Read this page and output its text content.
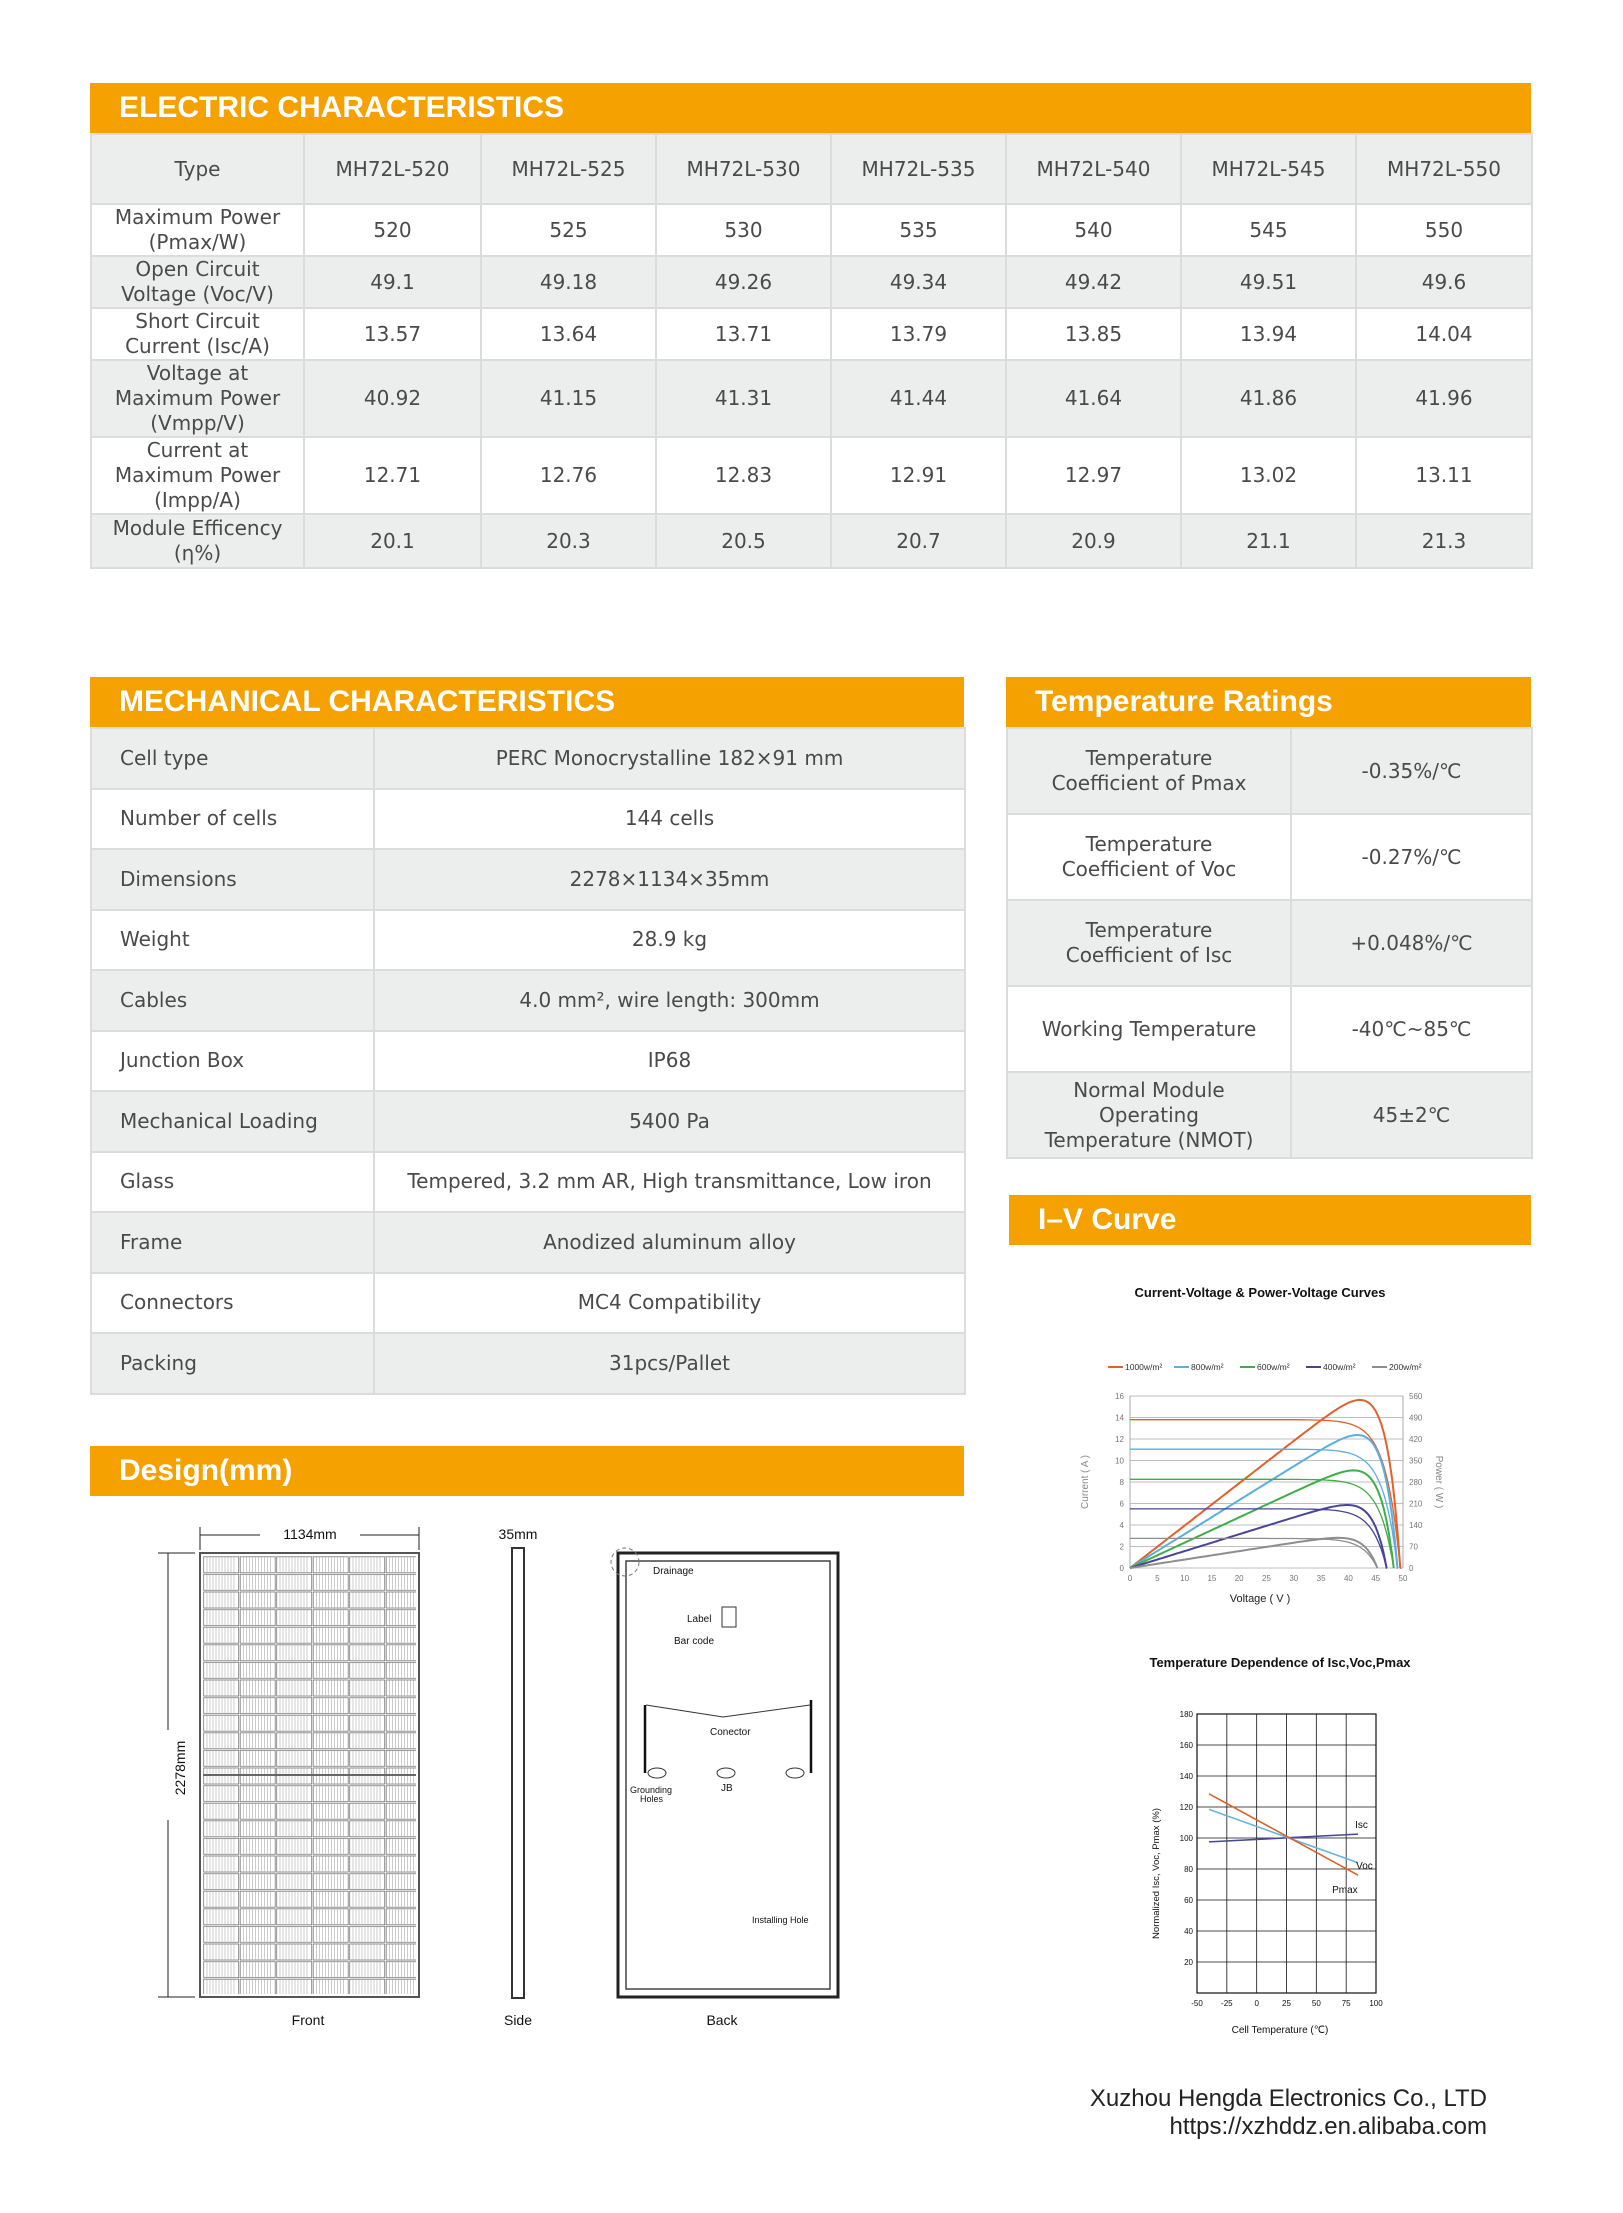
ELECTRIC CHARACTERISTICS
Type	MH72L-520	MH72L-525	MH72L-530	MH72L-535	MH72L-540	MH72L-545	MH72L-550
Maximum Power (Pmax/W)	520	525	530	535	540	545	550
Open Circuit Voltage (Voc/V)	49.1	49.18	49.26	49.34	49.42	49.51	49.6
Short Circuit Current (Isc/A)	13.57	13.64	13.71	13.79	13.85	13.94	14.04
Voltage at Maximum Power (Vmpp/V)	40.92	41.15	41.31	41.44	41.64	41.86	41.96
Current at Maximum Power (Impp/A)	12.71	12.76	12.83	12.91	12.97	13.02	13.11
Module Efficency (η%)	20.1	20.3	20.5	20.7	20.9	21.1	21.3
MECHANICAL CHARACTERISTICS
Cell type	PERC Monocrystalline 182×91 mm
Number of cells	144 cells
Dimensions	2278×1134×35mm
Weight	28.9 kg
Cables	4.0 mm², wire length: 300mm
Junction Box	IP68
Mechanical Loading	5400 Pa
Glass	Tempered, 3.2 mm AR, High transmittance, Low iron
Frame	Anodized aluminum alloy
Connectors	MC4 Compatibility
Packing	31pcs/Pallet
Temperature Ratings
Temperature Coefficient of Pmax	-0.35%/℃
Temperature Coefficient of Voc	-0.27%/℃
Temperature Coefficient of Isc	+0.048%/℃
Working Temperature	-40℃~85℃
Normal Module Operating Temperature (NMOT)	45±2℃
I–V Curve
Current-Voltage & Power-Voltage Curves
0
2
4
6
8
10
12
14
16
0
70
140
210
280
350
420
490
560
0	5	10 15 20 25 30 35 40 45 50
Voltage ( V )
Current ( A )	Power ( W )
1000w/m²	800w/m²	600w/m²	400w/m²	200w/m²
Temperature Dependence of Isc,Voc,Pmax
20
40
60
80
100
120
140
160
180
-50 -25	0	25	50	75 100
Cell Temperature (℃)
Normalized Isc, Voc, Pmax (%)	Isc
Voc
Pmax
Design(mm)
Drainage
Label
Bar code
Conector
Grounding
Holes
JB
Installing Hole
1134mm
2278mm
35mm
Front	Side	Back
Xuzhou Hengda Electronics Co., LTD
https://xzhddz.en.alibaba.com
